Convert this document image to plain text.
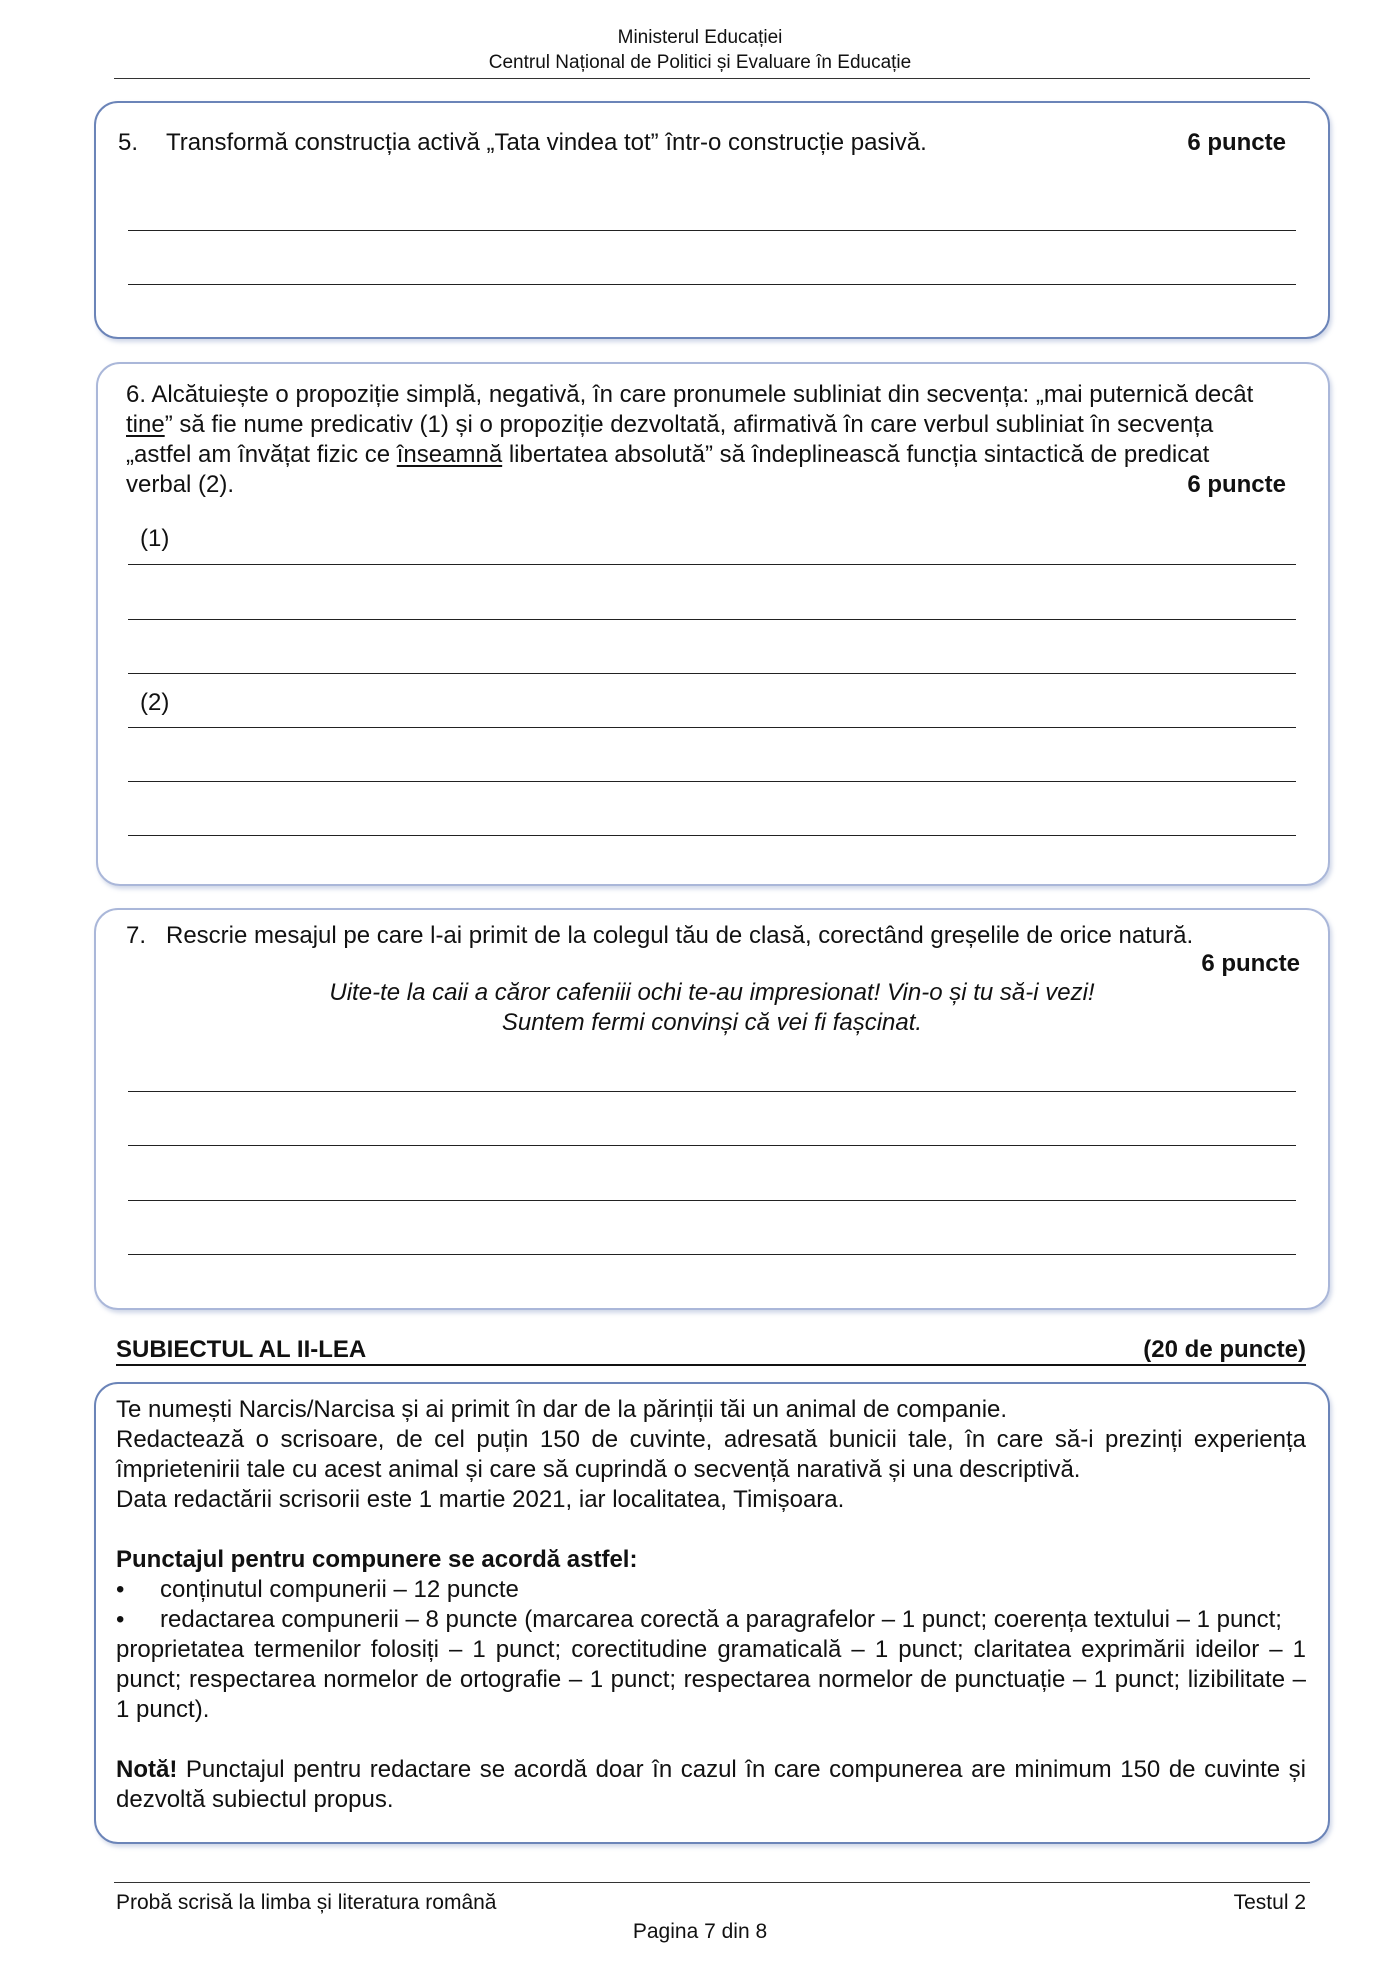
Ministerul Educației
Centrul Național de Politici și Evaluare în Educație
5. Transformă construcția activă „Tata vindea tot” într-o construcție pasivă.	6 puncte
6. Alcătuiește o propoziție simplă, negativă, în care pronumele subliniat din secvența: „mai puternică decât
tine” să fie nume predicativ (1) și o propoziție dezvoltată, afirmativă în care verbul subliniat în secvența
„astfel am învățat fizic ce înseamnă libertatea absolută” să îndeplinească funcția sintactică de predicat
verbal (2).	6 puncte
(1)
(2)
7. Rescrie mesajul pe care l-ai primit de la colegul tău de clasă, corectând greșelile de orice natură.
6 puncte
Uite-te la caii a căror cafeniii ochi te-au impresionat! Vin-o și tu să-i vezi!
Suntem fermi convinși că vei fi fașcinat.
SUBIECTUL AL II-LEA	(20 de puncte)
Te numești Narcis/Narcisa și ai primit în dar de la părinții tăi un animal de companie.
Redactează o scrisoare, de cel puțin 150 de cuvinte, adresată bunicii tale, în care să-i prezinți experiența împrietenirii tale cu acest animal și care să cuprindă o secvență narativă și una descriptivă.
Data redactării scrisorii este 1 martie 2021, iar localitatea, Timișoara.
Punctajul pentru compunere se acordă astfel:
•	conținutul compunerii – 12 puncte
•	redactarea compunerii – 8 puncte (marcarea corectă a paragrafelor – 1 punct; coerența textului – 1 punct;
proprietatea termenilor folosiți – 1 punct; corectitudine gramaticală – 1 punct; claritatea exprimării ideilor – 1 punct; respectarea normelor de ortografie – 1 punct; respectarea normelor de punctuație – 1 punct; lizibilitate – 1 punct).
Notă! Punctajul pentru redactare se acordă doar în cazul în care compunerea are minimum 150 de cuvinte și dezvoltă subiectul propus.
Probă scrisă la limba și literatura română	Testul 2
Pagina 7 din 8
